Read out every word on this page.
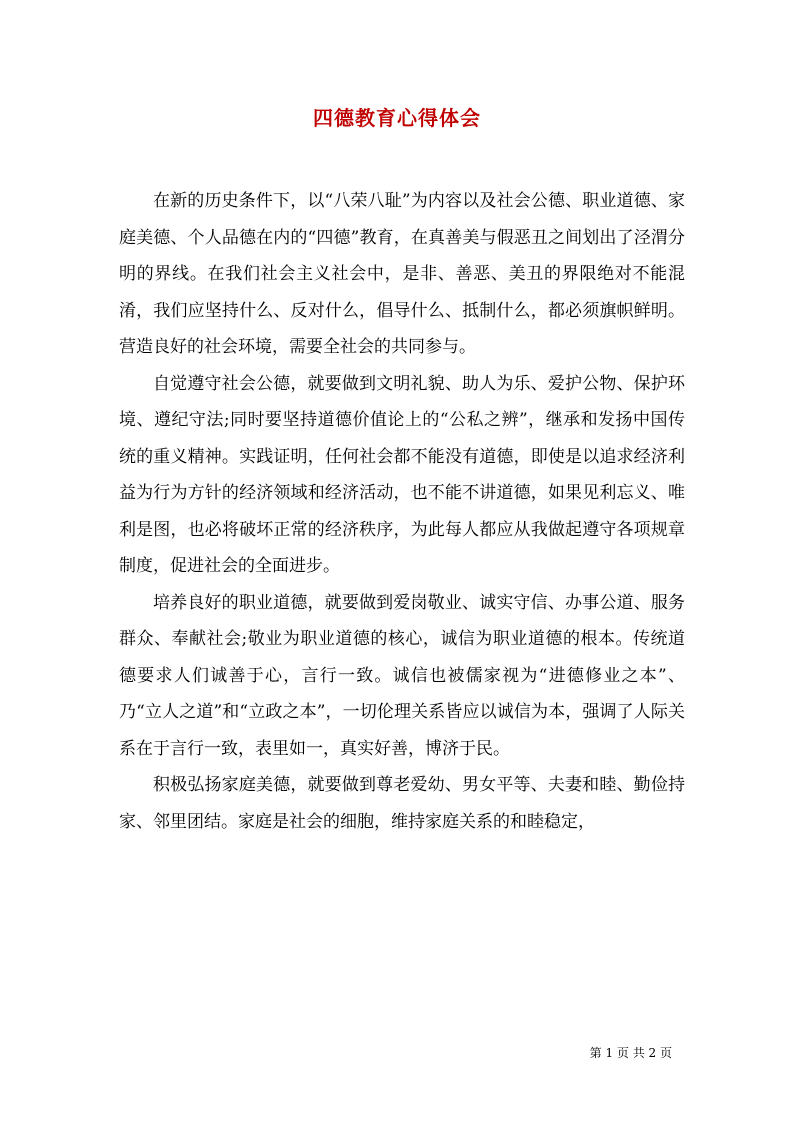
四德教育心得体会

在新的历史条件下，以“八荣八耻”为内容以及社会公德、职业道德、家庭美德、个人品德在内的“四德”教育，在真善美与假恶丑之间划出了泾渭分明的界线。在我们社会主义社会中，是非、善恶、美丑的界限绝对不能混淆，我们应坚持什么、反对什么，倡导什么、抵制什么，都必须旗帜鲜明。营造良好的社会环境，需要全社会的共同参与。

自觉遵守社会公德，就要做到文明礼貌、助人为乐、爱护公物、保护环境、遵纪守法;同时要坚持道德价值论上的“公私之辨”，继承和发扬中国传统的重义精神。实践证明，任何社会都不能没有道德，即使是以追求经济利益为行为方针的经济领域和经济活动，也不能不讲道德，如果见利忘义、唯利是图，也必将破坏正常的经济秩序，为此每人都应从我做起遵守各项规章制度，促进社会的全面进步。

培养良好的职业道德，就要做到爱岗敬业、诚实守信、办事公道、服务群众、奉献社会;敬业为职业道德的核心，诚信为职业道德的根本。传统道德要求人们诚善于心，言行一致。诚信也被儒家视为“进德修业之本”、乃“立人之道”和“立政之本”，一切伦理关系皆应以诚信为本，强调了人际关系在于言行一致，表里如一，真实好善，博济于民。

积极弘扬家庭美德，就要做到尊老爱幼、男女平等、夫妻和睦、勤俭持家、邻里团结。家庭是社会的细胞，维持家庭关系的和睦稳定，

第 1 页 共 2 页
